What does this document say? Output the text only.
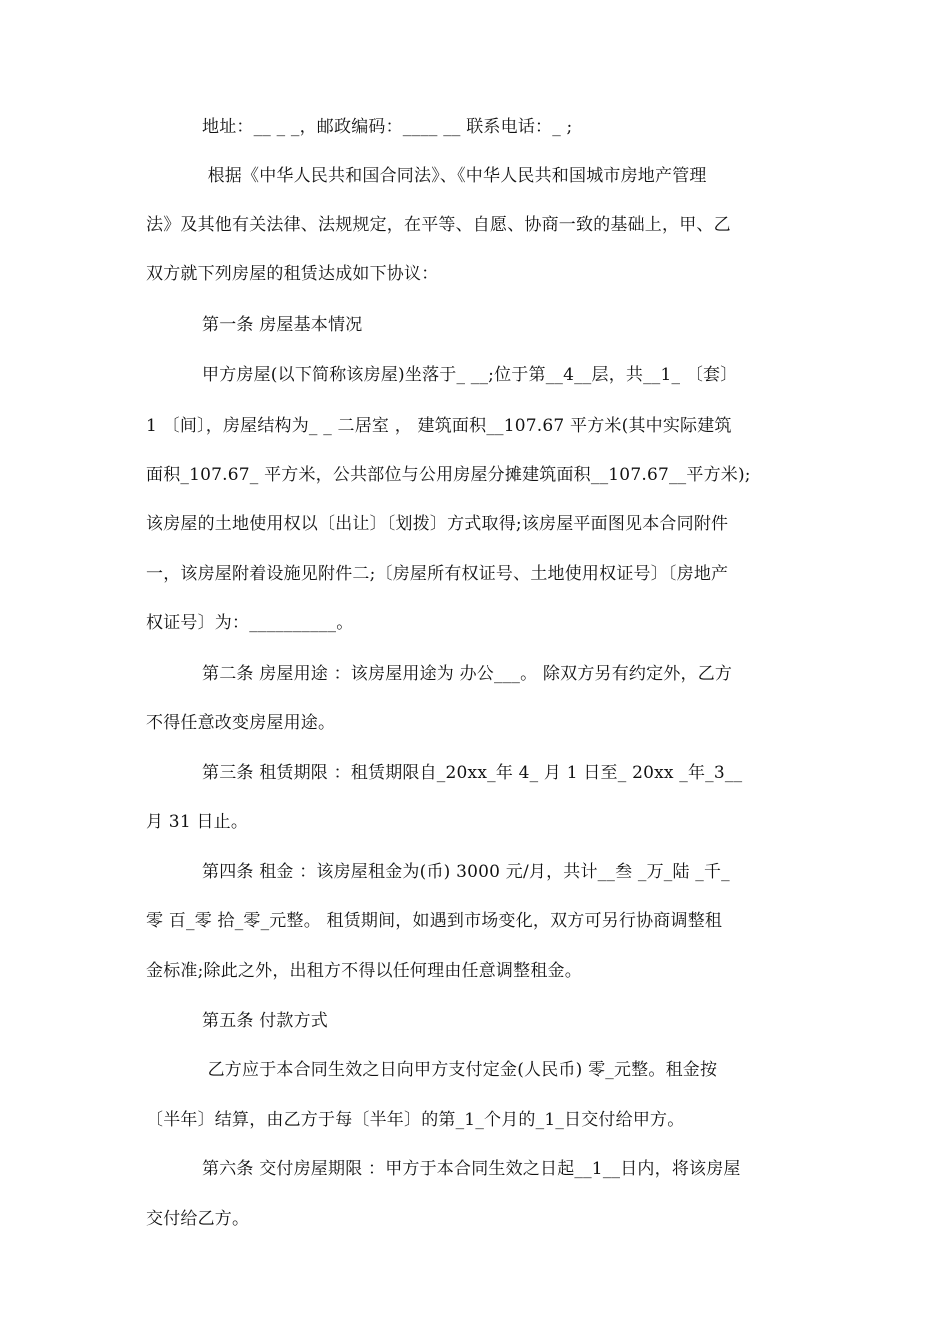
地址：__ _ _，邮政编码：____ __ 联系电话：_ ;
根据《中华人民共和国合同法》、《中华人民共和国城市房地产管理
法》及其他有关法律、法规规定，在平等、自愿、协商一致的基础上，甲、乙
双方就下列房屋的租赁达成如下协议：
第一条 房屋基本情况
甲方房屋(以下简称该房屋)坐落于_ __;位于第__4__层，共__1_ 〔套〕
1 〔间〕，房屋结构为_ _ 二居室 ， 建筑面积__107.67 平方米(其中实际建筑
面积_107.67_ 平方米，公共部位与公用房屋分摊建筑面积__107.67__平方米);
该房屋的土地使用权以〔出让〕〔划拨〕方式取得;该房屋平面图见本合同附件
一，该房屋附着设施见附件二;〔房屋所有权证号、土地使用权证号〕〔房地产
权证号〕为：__________。
第二条 房屋用途 ：该房屋用途为 办公___。 除双方另有约定外，乙方
不得任意改变房屋用途。
第三条 租赁期限 ：租赁期限自_20xx_年 4_ 月 1 日至_ 20xx _年_3__
月 31 日止。
第四条 租金 ：该房屋租金为(币) 3000 元/月，共计__叁 _万_陆 _千_
零 百_零 拾_零_元整。 租赁期间，如遇到市场变化，双方可另行协商调整租
金标准;除此之外，出租方不得以任何理由任意调整租金。
第五条 付款方式
乙方应于本合同生效之日向甲方支付定金(人民币) 零_元整。租金按
〔半年〕结算，由乙方于每〔半年〕的第_1_个月的_1_日交付给甲方。
第六条 交付房屋期限 ：甲方于本合同生效之日起__1__日内，将该房屋
交付给乙方。
